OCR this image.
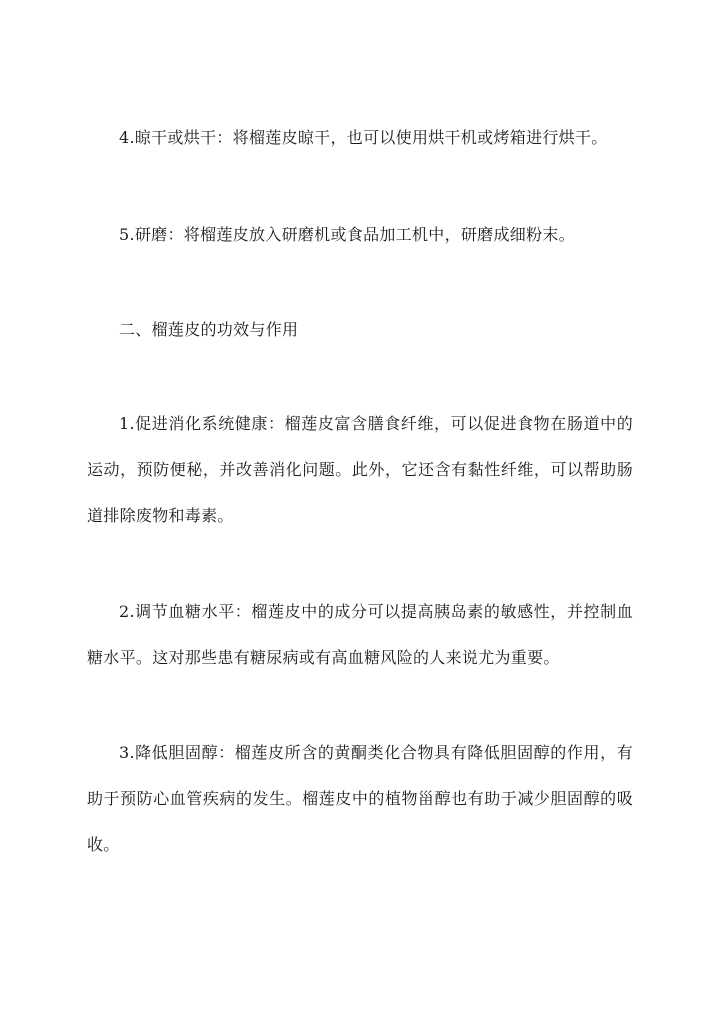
4.晾干或烘干：将榴莲皮晾干，也可以使用烘干机或烤箱进行烘干。

5.研磨：将榴莲皮放入研磨机或食品加工机中，研磨成细粉末。

二、榴莲皮的功效与作用

1.促进消化系统健康：榴莲皮富含膳食纤维，可以促进食物在肠道中的运动，预防便秘，并改善消化问题。此外，它还含有黏性纤维，可以帮助肠道排除废物和毒素。

2.调节血糖水平：榴莲皮中的成分可以提高胰岛素的敏感性，并控制血糖水平。这对那些患有糖尿病或有高血糖风险的人来说尤为重要。

3.降低胆固醇：榴莲皮所含的黄酮类化合物具有降低胆固醇的作用，有助于预防心血管疾病的发生。榴莲皮中的植物甾醇也有助于减少胆固醇的吸收。
